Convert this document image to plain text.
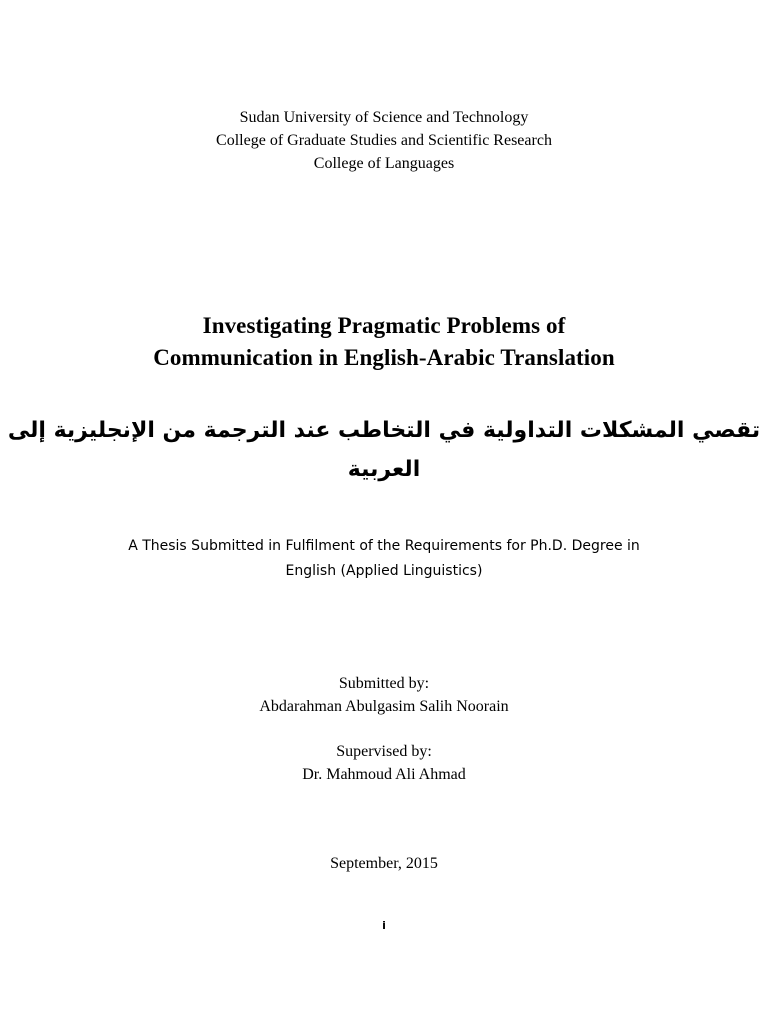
Sudan University of Science and Technology
College of Graduate Studies and Scientific Research
College of Languages
Investigating Pragmatic Problems of
Communication in English-Arabic Translation
تقصي المشكلات التداولية في التخاطب عند الترجمة من الإنجليزية إلى
العربية
A Thesis Submitted in Fulfilment of the Requirements for Ph.D. Degree in
English (Applied Linguistics)
Submitted by:
Abdarahman Abulgasim Salih Noorain
Supervised by:
Dr. Mahmoud Ali Ahmad
September, 2015
i
